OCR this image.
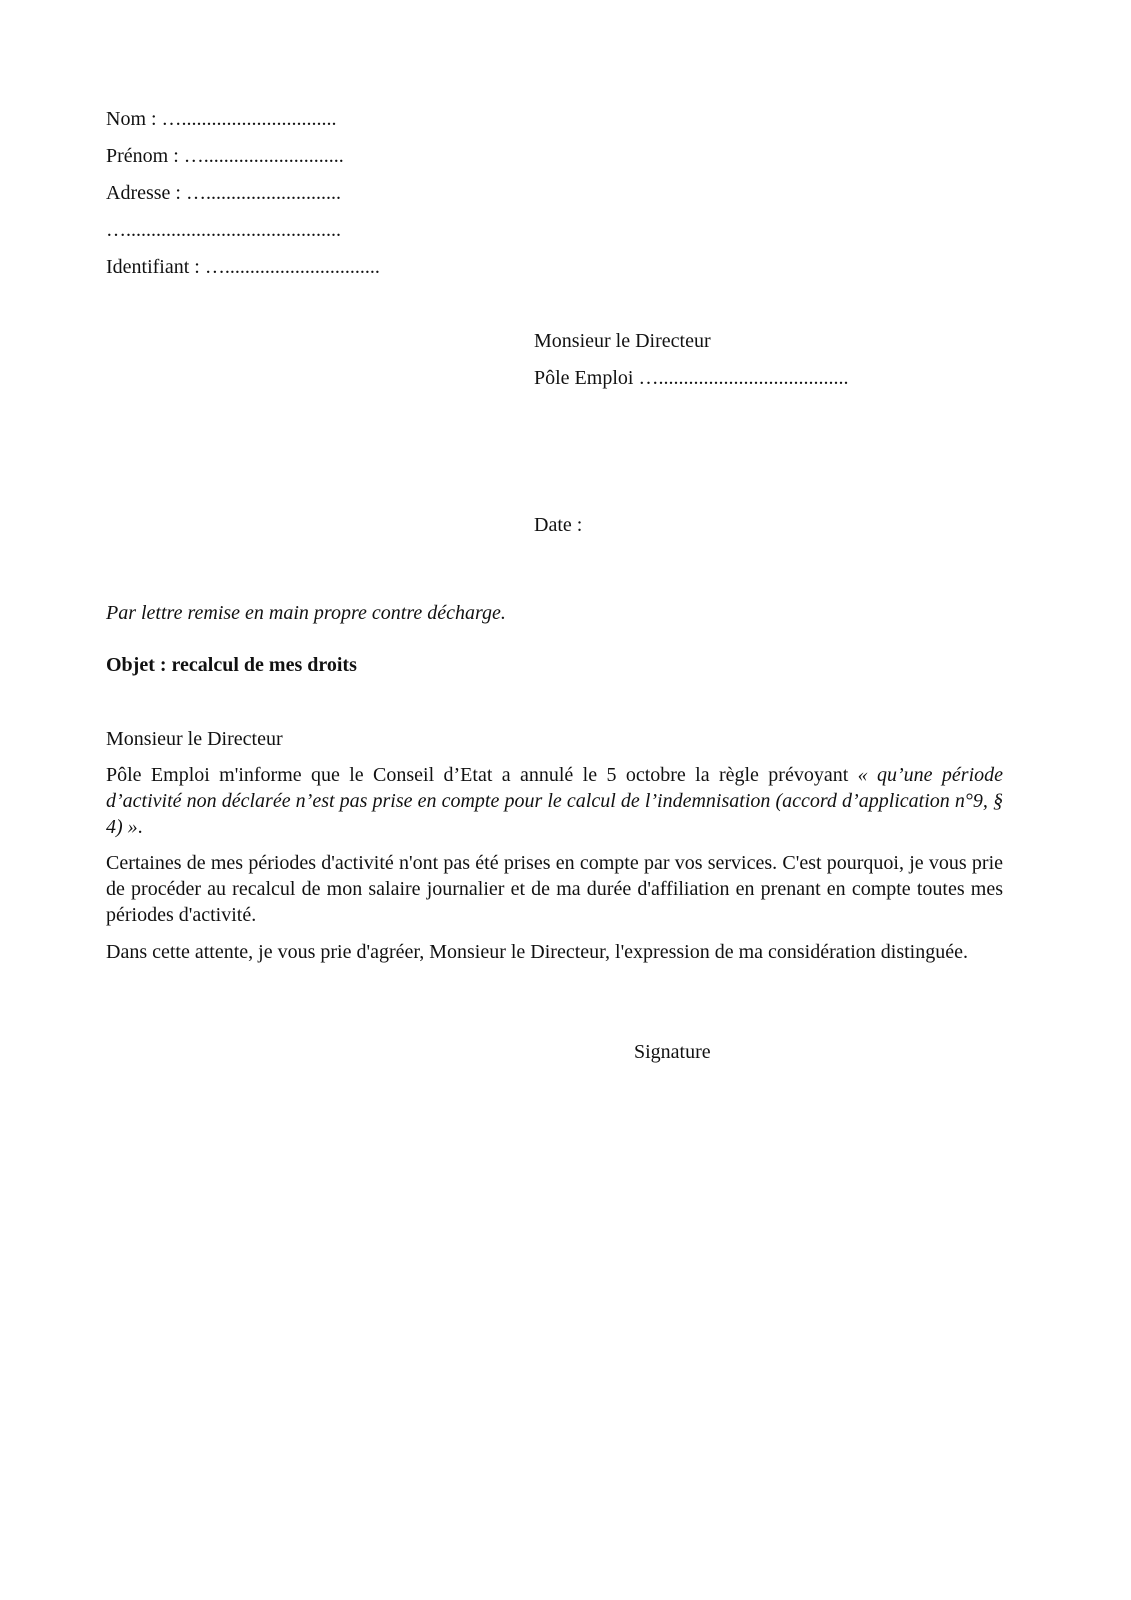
Nom : …...............................
Prénom : …............................
Adresse : …...........................
…...........................................
Identifiant : …...............................
Monsieur le Directeur
Pôle Emploi …......................................
Date :
Par lettre remise en main propre contre décharge.
Objet : recalcul de mes droits
Monsieur le Directeur
Pôle Emploi m'informe que le Conseil d’Etat a annulé le 5 octobre la règle prévoyant « qu’une période d’activité non déclarée n’est pas prise en compte pour le calcul de l’indemnisation (accord d’application n°9, § 4) ».
Certaines de mes périodes d'activité n'ont pas été prises en compte par vos services. C'est pourquoi, je vous prie de procéder au recalcul de mon salaire journalier et de ma durée d'affiliation en prenant en compte toutes mes périodes d'activité.
Dans cette attente, je vous prie d'agréer, Monsieur le Directeur, l'expression de ma considération distinguée.
Signature
